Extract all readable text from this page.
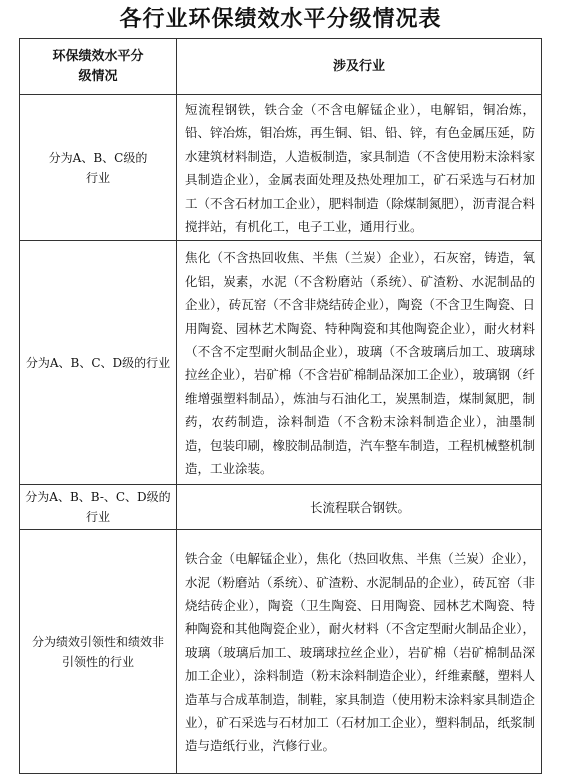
各行业环保绩效水平分级情况表
环保绩效水平分级情况	涉及行业
分为A、B、C级的行业	短流程钢铁，铁合金（不含电解锰企业），电解铝，铜冶炼，铅、锌冶炼，钼冶炼，再生铜、铝、铅、锌，有色金属压延，防水建筑材料制造，人造板制造，家具制造（不含使用粉末涂料家具制造企业），金属表面处理及热处理加工，矿石采选与石材加工（不含石材加工企业），肥料制造（除煤制氮肥），沥青混合料搅拌站，有机化工，电子工业，通用行业。
分为A、B、C、D级的行业	焦化（不含热回收焦、半焦（兰炭）企业），石灰窑，铸造，氧化铝，炭素，水泥（不含粉磨站（系统）、矿渣粉、水泥制品的企业），砖瓦窑（不含非烧结砖企业），陶瓷（不含卫生陶瓷、日用陶瓷、园林艺术陶瓷、特种陶瓷和其他陶瓷企业），耐火材料（不含不定型耐火制品企业），玻璃（不含玻璃后加工、玻璃球拉丝企业），岩矿棉（不含岩矿棉制品深加工企业），玻璃钢（纤维增强塑料制品），炼油与石油化工，炭黑制造，煤制氮肥，制药，农药制造，涂料制造（不含粉末涂料制造企业），油墨制造，包装印刷，橡胶制品制造，汽车整车制造，工程机械整机制造，工业涂装。
分为A、B、B-、C、D级的行业	长流程联合钢铁。
分为绩效引领性和绩效非引领性的行业	铁合金（电解锰企业），焦化（热回收焦、半焦（兰炭）企业），水泥（粉磨站（系统）、矿渣粉、水泥制品的企业），砖瓦窑（非烧结砖企业），陶瓷（卫生陶瓷、日用陶瓷、园林艺术陶瓷、特种陶瓷和其他陶瓷企业），耐火材料（不含定型耐火制品企业），玻璃（玻璃后加工、玻璃球拉丝企业），岩矿棉（岩矿棉制品深加工企业），涂料制造（粉末涂料制造企业），纤维素醚，塑料人造革与合成革制造，制鞋，家具制造（使用粉末涂料家具制造企业），矿石采选与石材加工（石材加工企业），塑料制品，纸浆制造与造纸行业，汽修行业。
